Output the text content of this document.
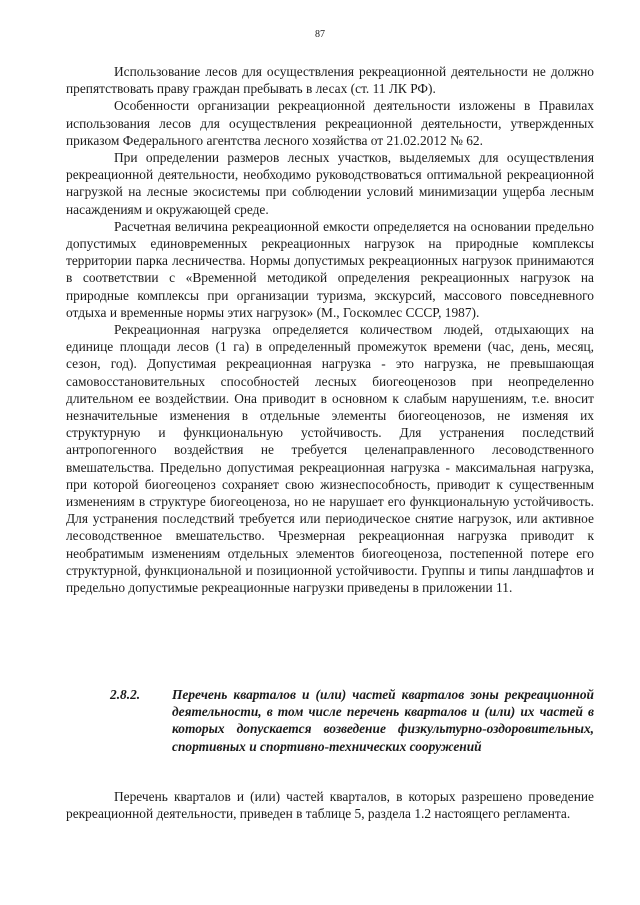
87

Использование лесов для осуществления рекреационной деятельности не должно препятствовать праву граждан пребывать в лесах (ст. 11 ЛК РФ).

Особенности организации рекреационной деятельности изложены в Правилах использования лесов для осуществления рекреационной деятельности, утвержденных приказом Федерального агентства лесного хозяйства от 21.02.2012 № 62.

При определении размеров лесных участков, выделяемых для осуществления рекреационной деятельности, необходимо руководствоваться оптимальной рекреационной нагрузкой на лесные экосистемы при соблюдении условий минимизации ущерба лесным насаждениям и окружающей среде.

Расчетная величина рекреационной емкости определяется на основании предельно допустимых единовременных рекреационных нагрузок на природные комплексы территории парка лесничества. Нормы допустимых рекреационных нагрузок принимаются в соответствии с «Временной методикой определения рекреационных нагрузок на природные комплексы при организации туризма, экскурсий, массового повседневного отдыха и временные нормы этих нагрузок» (М., Госкомлес СССР, 1987).

Рекреационная нагрузка определяется количеством людей, отдыхающих на единице площади лесов (1 га) в определенный промежуток времени (час, день, месяц, сезон, год). Допустимая рекреационная нагрузка - это нагрузка, не превышающая самовосстановительных способностей лесных биогеоценозов при неопределенно длительном ее воздействии. Она приводит в основном к слабым нарушениям, т.е. вносит незначительные изменения в отдельные элементы биогеоценозов, не изменяя их структурную и функциональную устойчивость. Для устранения последствий антропогенного воздействия не требуется целенаправленного лесоводственного вмешательства. Предельно допустимая рекреационная нагрузка - максимальная нагрузка, при которой биогеоценоз сохраняет свою жизнеспособность, приводит к существенным изменениям в структуре биогеоценоза, но не нарушает его функциональную устойчивость. Для устранения последствий требуется или периодическое снятие нагрузок, или активное лесоводственное вмешательство. Чрезмерная рекреационная нагрузка приводит к необратимым изменениям отдельных элементов биогеоценоза, постепенной потере его структурной, функциональной и позиционной устойчивости. Группы и типы ландшафтов и предельно допустимые рекреационные нагрузки приведены в приложении 11.

2.8.2.	Перечень кварталов и (или) частей кварталов зоны рекреационной деятельности, в том числе перечень кварталов и (или) их частей в которых допускается возведение физкультурно-оздоровительных, спортивных и спортивно-технических сооружений

Перечень кварталов и (или) частей кварталов, в которых разрешено проведение рекреационной деятельности, приведен в таблице 5, раздела 1.2 настоящего регламента.
